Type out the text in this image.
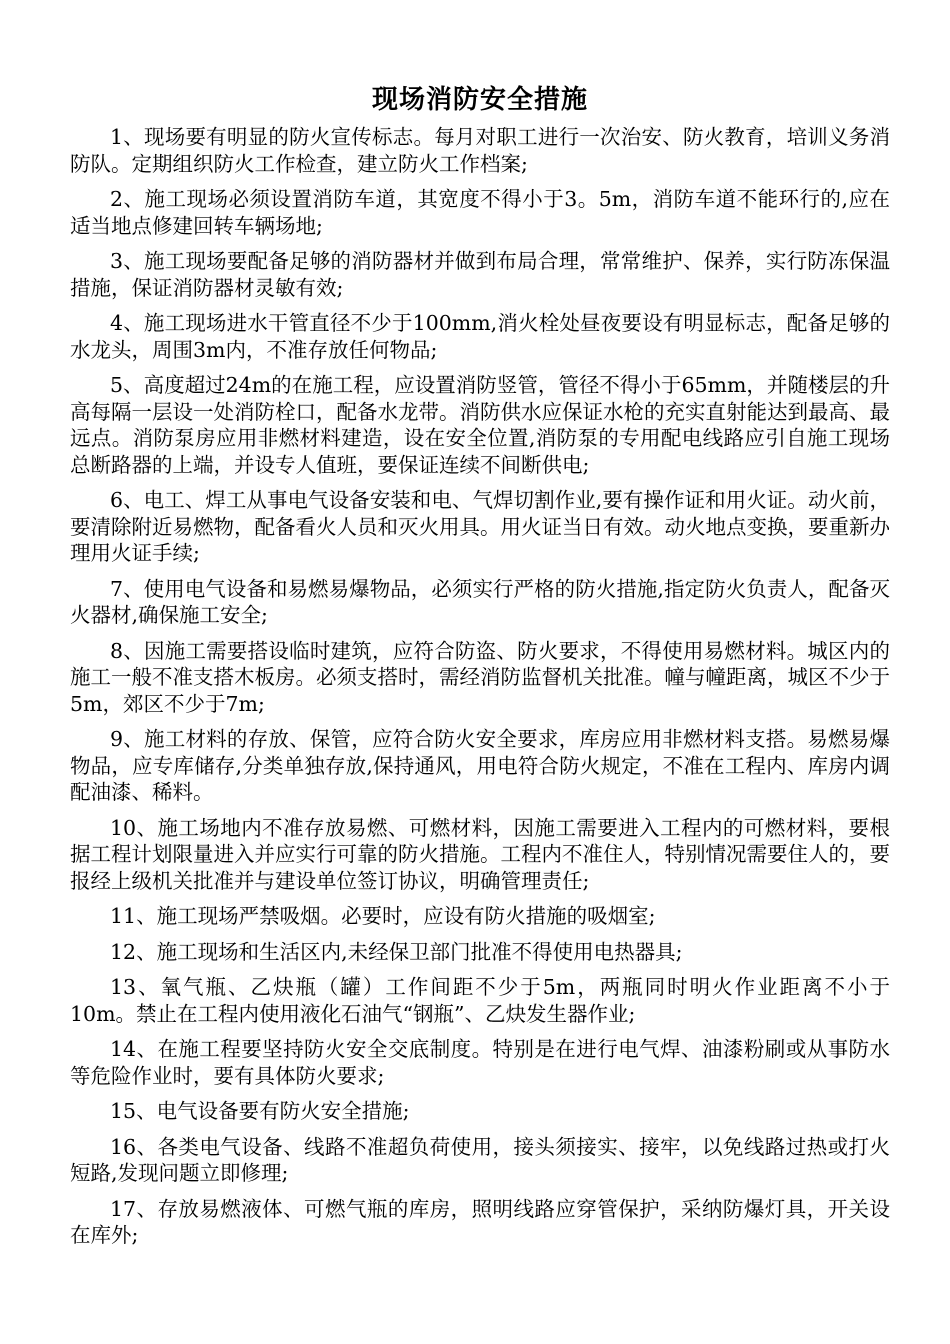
现场消防安全措施

1、现场要有明显的防火宣传标志。每月对职工进行一次治安、防火教育，培训义务消防队。定期组织防火工作检查，建立防火工作档案;

2、施工现场必须设置消防车道，其宽度不得小于3。5m，消防车道不能环行的,应在适当地点修建回转车辆场地;

3、施工现场要配备足够的消防器材并做到布局合理，常常维护、保养，实行防冻保温措施，保证消防器材灵敏有效;

4、施工现场进水干管直径不少于100mm,消火栓处昼夜要设有明显标志，配备足够的水龙头，周围3m内，不准存放任何物品;

5、高度超过24m的在施工程，应设置消防竖管，管径不得小于65mm，并随楼层的升高每隔一层设一处消防栓口，配备水龙带。消防供水应保证水枪的充实直射能达到最高、最远点。消防泵房应用非燃材料建造，设在安全位置,消防泵的专用配电线路应引自施工现场总断路器的上端，并设专人值班，要保证连续不间断供电;

6、电工、焊工从事电气设备安装和电、气焊切割作业,要有操作证和用火证。动火前，要清除附近易燃物，配备看火人员和灭火用具。用火证当日有效。动火地点变换，要重新办理用火证手续;

7、使用电气设备和易燃易爆物品，必须实行严格的防火措施,指定防火负责人，配备灭火器材,确保施工安全;

8、因施工需要搭设临时建筑，应符合防盗、防火要求，不得使用易燃材料。城区内的施工一般不准支搭木板房。必须支搭时，需经消防监督机关批准。幢与幢距离，城区不少于5m，郊区不少于7m;

9、施工材料的存放、保管，应符合防火安全要求，库房应用非燃材料支搭。易燃易爆物品，应专库储存,分类单独存放,保持通风，用电符合防火规定，不准在工程内、库房内调配油漆、稀料。

10、施工场地内不准存放易燃、可燃材料，因施工需要进入工程内的可燃材料，要根据工程计划限量进入并应实行可靠的防火措施。工程内不准住人，特别情况需要住人的，要报经上级机关批准并与建设单位签订协议，明确管理责任;

11、施工现场严禁吸烟。必要时，应设有防火措施的吸烟室;

12、施工现场和生活区内,未经保卫部门批准不得使用电热器具;

13、氧气瓶、乙炔瓶（罐）工作间距不少于5m，两瓶同时明火作业距离不小于10m。禁止在工程内使用液化石油气“钢瓶”、乙炔发生器作业;

14、在施工程要坚持防火安全交底制度。特别是在进行电气焊、油漆粉刷或从事防水等危险作业时，要有具体防火要求;

15、电气设备要有防火安全措施;

16、各类电气设备、线路不准超负荷使用，接头须接实、接牢，以免线路过热或打火短路,发现问题立即修理;

17、存放易燃液体、可燃气瓶的库房，照明线路应穿管保护，采纳防爆灯具，开关设在库外;
